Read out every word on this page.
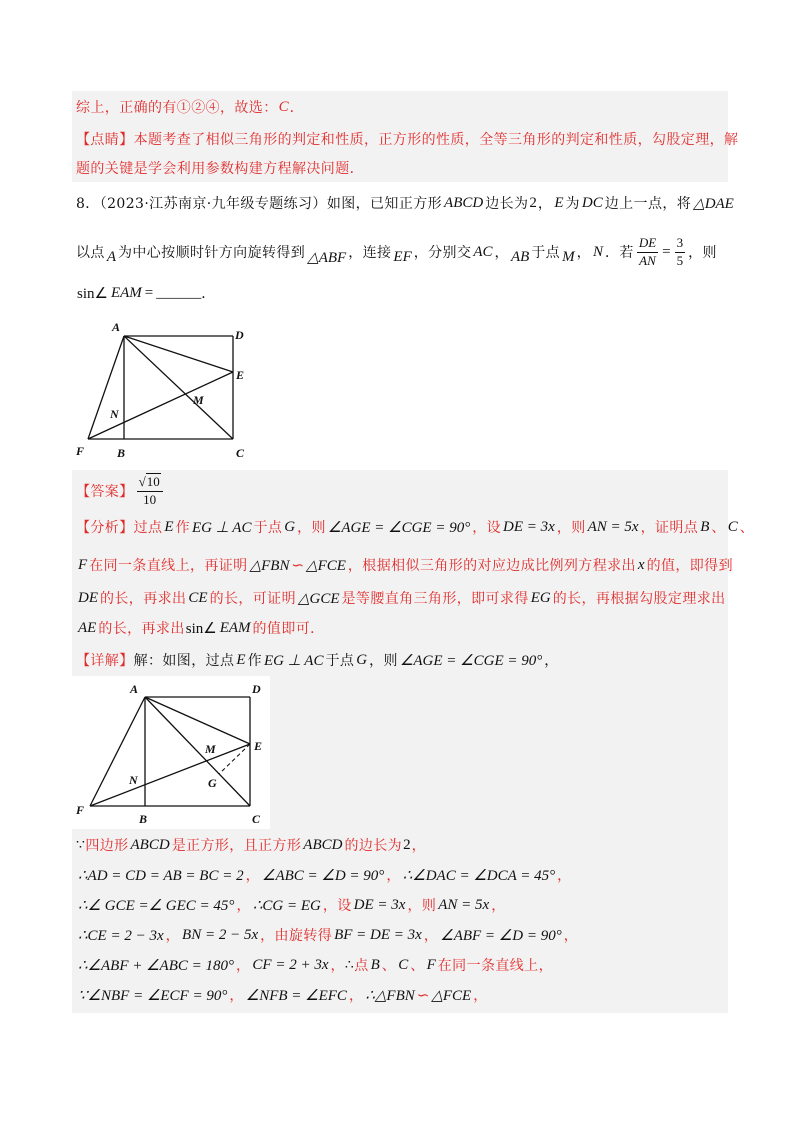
综上，正确的有①②④，故选： C ．
【点睛】本题考查了相似三角形的判定和性质，正方形的性质，全等三角形的判定和性质，勾股定理，解
题的关键是学会利用参数构建方程解决问题．
8．（2023·江苏南京·九年级专题练习）如图，已知正方形 ABCD 边长为 2 ， E 为 DC 边上一点，将 △DAE
以点 A 为中心按顺时针方向旋转得到 △ABF ，连接 EF ，分别交 AC ， AB 于点 M ， N ．若 $\frac{DE}{AN} = \frac{3}{5}$ ，则
sin∠ EAM = ______ ．
A
D
E
N
M
F	B	C
【答案】 $\frac{√10}{10}$
【分析】过点 E 作 EG ⊥ AC 于点 G ，则 ∠AGE = ∠CGE = 90° ，设 DE = 3x ，则 AN = 5x ，证明点 B 、 C 、
F 在同一条直线上，再证明 △FBN ∽ △FCE ，根据相似三角形的对应边成比例列方程求出 x 的值，即得到
DE 的长，再求出 CE 的长，可证明 △GCE 是等腰直角三角形，即可求得 EG 的长，再根据勾股定理求出
AE 的长，再求出 sin∠ EAM 的值即可．
【详解】 解：如图，过点 E 作 EG ⊥ AC 于点 G ，则 ∠AGE = ∠CGE = 90° ，
A	D
E
M
G
N
F
B	C
∵ 四边形 ABCD 是正方形，且正方形 ABCD 的边长为 2 ，
∴AD = CD = AB = BC = 2 ， ∠ABC = ∠D = 90° ， ∴∠DAC = ∠DCA = 45° ，
∴∠ GCE =∠ GEC = 45° ， ∴CG = EG ，设 DE = 3x ，则 AN = 5x ，
∴CE = 2 − 3x ， BN = 2 − 5x ，由旋转得 BF = DE = 3x ， ∠ABF = ∠D = 90° ，
∴∠ABF + ∠ABC = 180° ， CF = 2 + 3x ， ∴ 点 B 、 C 、 F 在同一条直线上，
∵∠NBF = ∠ECF = 90° ， ∠NFB = ∠EFC ， ∴△FBN ∽ △FCE ，
